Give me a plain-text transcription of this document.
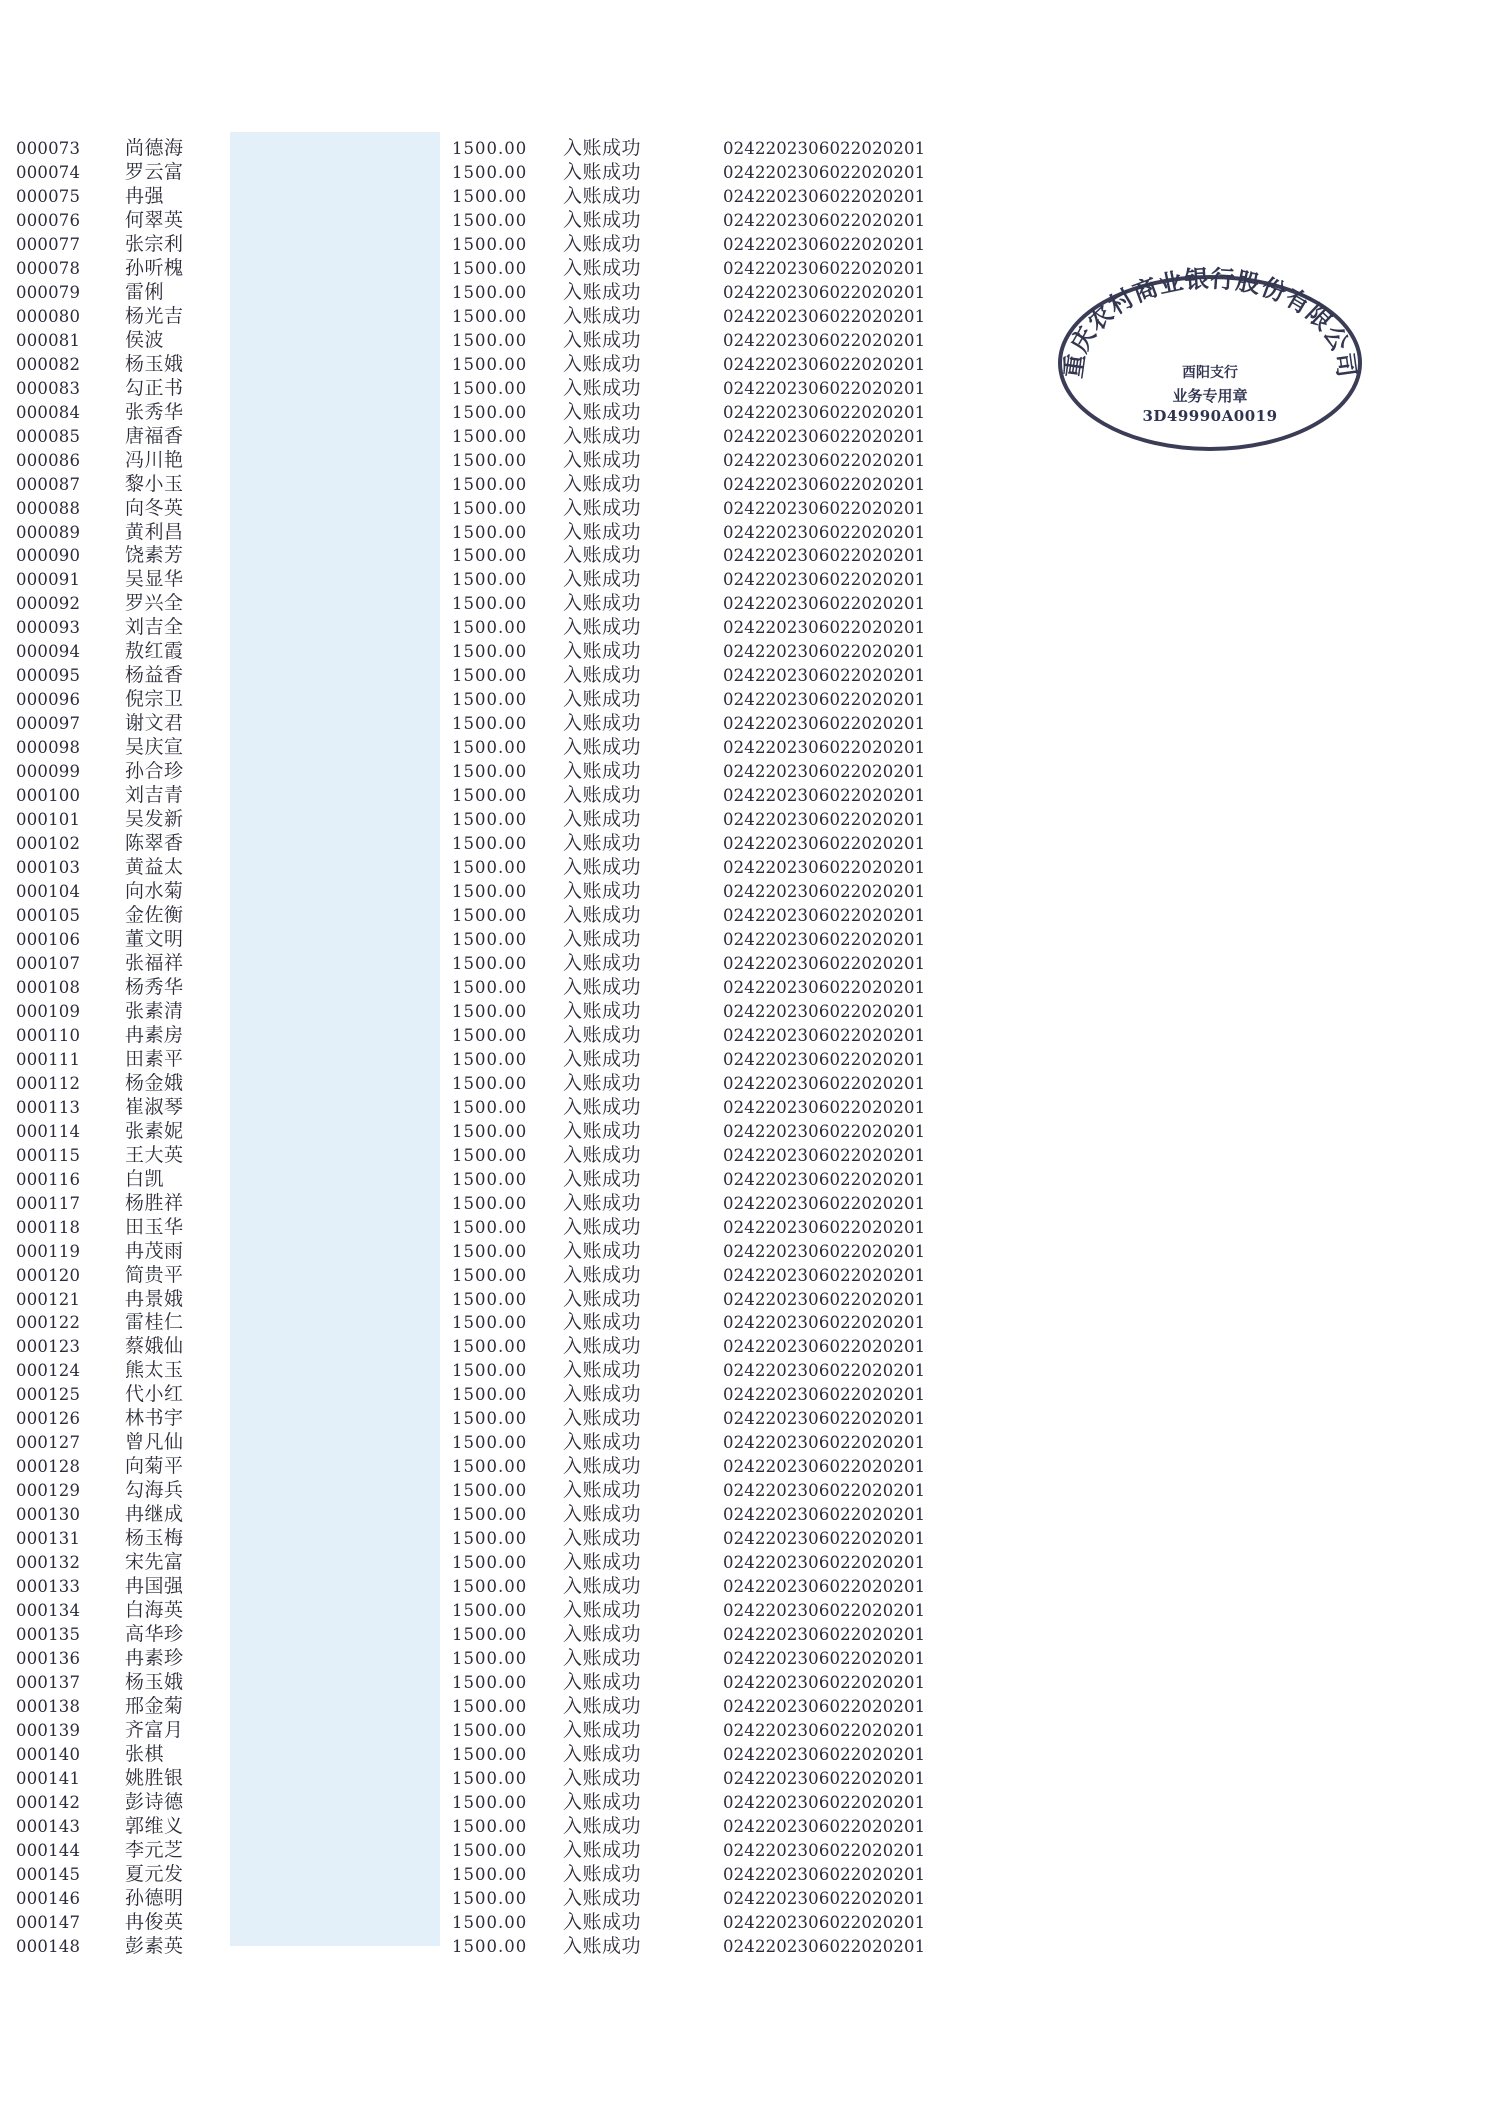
000073 尚德海	1500.00 入账成功	0242202306022020201
000074 罗云富	1500.00 入账成功	0242202306022020201
000075 冉强	1500.00 入账成功	0242202306022020201
000076 何翠英	1500.00 入账成功	0242202306022020201
000077 张宗利	1500.00 入账成功	0242202306022020201
000078 孙听槐	1500.00 入账成功	0242202306022020201
000079 雷俐	1500.00 入账成功	0242202306022020201
000080 杨光吉	1500.00 入账成功	0242202306022020201
000081 侯波	1500.00 入账成功	0242202306022020201
000082 杨玉娥	1500.00 入账成功	0242202306022020201
000083 勾正书	1500.00 入账成功	0242202306022020201
000084 张秀华	1500.00 入账成功	0242202306022020201
000085 唐福香	1500.00 入账成功	0242202306022020201
000086 冯川艳	1500.00 入账成功	0242202306022020201
000087 黎小玉	1500.00 入账成功	0242202306022020201
000088 向冬英	1500.00 入账成功	0242202306022020201
000089 黄利昌	1500.00 入账成功	0242202306022020201
000090 饶素芳	1500.00 入账成功	0242202306022020201
000091 吴显华	1500.00 入账成功	0242202306022020201
000092 罗兴全	1500.00 入账成功	0242202306022020201
000093 刘吉全	1500.00 入账成功	0242202306022020201
000094 敖红霞	1500.00 入账成功	0242202306022020201
000095 杨益香	1500.00 入账成功	0242202306022020201
000096 倪宗卫	1500.00 入账成功	0242202306022020201
000097 谢文君	1500.00 入账成功	0242202306022020201
000098 吴庆宣	1500.00 入账成功	0242202306022020201
000099 孙合珍	1500.00 入账成功	0242202306022020201
000100 刘吉青	1500.00 入账成功	0242202306022020201
000101 吴发新	1500.00 入账成功	0242202306022020201
000102 陈翠香	1500.00 入账成功	0242202306022020201
000103 黄益太	1500.00 入账成功	0242202306022020201
000104 向水菊	1500.00 入账成功	0242202306022020201
000105 金佐衡	1500.00 入账成功	0242202306022020201
000106 董文明	1500.00 入账成功	0242202306022020201
000107 张福祥	1500.00 入账成功	0242202306022020201
000108 杨秀华	1500.00 入账成功	0242202306022020201
000109 张素清	1500.00 入账成功	0242202306022020201
000110 冉素房	1500.00 入账成功	0242202306022020201
000111 田素平	1500.00 入账成功	0242202306022020201
000112 杨金娥	1500.00 入账成功	0242202306022020201
000113 崔淑琴	1500.00 入账成功	0242202306022020201
000114 张素妮	1500.00 入账成功	0242202306022020201
000115 王大英	1500.00 入账成功	0242202306022020201
000116 白凯	1500.00 入账成功	0242202306022020201
000117 杨胜祥	1500.00 入账成功	0242202306022020201
000118 田玉华	1500.00 入账成功	0242202306022020201
000119 冉茂雨	1500.00 入账成功	0242202306022020201
000120 简贵平	1500.00 入账成功	0242202306022020201
000121 冉景娥	1500.00 入账成功	0242202306022020201
000122 雷桂仁	1500.00 入账成功	0242202306022020201
000123 蔡娥仙	1500.00 入账成功	0242202306022020201
000124 熊太玉	1500.00 入账成功	0242202306022020201
000125 代小红	1500.00 入账成功	0242202306022020201
000126 林书宇	1500.00 入账成功	0242202306022020201
000127 曾凡仙	1500.00 入账成功	0242202306022020201
000128 向菊平	1500.00 入账成功	0242202306022020201
000129 勾海兵	1500.00 入账成功	0242202306022020201
000130 冉继成	1500.00 入账成功	0242202306022020201
000131 杨玉梅	1500.00 入账成功	0242202306022020201
000132 宋先富	1500.00 入账成功	0242202306022020201
000133 冉国强	1500.00 入账成功	0242202306022020201
000134 白海英	1500.00 入账成功	0242202306022020201
000135 高华珍	1500.00 入账成功	0242202306022020201
000136 冉素珍	1500.00 入账成功	0242202306022020201
000137 杨玉娥	1500.00 入账成功	0242202306022020201
000138 邢金菊	1500.00 入账成功	0242202306022020201
000139 齐富月	1500.00 入账成功	0242202306022020201
000140 张棋	1500.00 入账成功	0242202306022020201
000141 姚胜银	1500.00 入账成功	0242202306022020201
000142 彭诗德	1500.00 入账成功	0242202306022020201
000143 郭维义	1500.00 入账成功	0242202306022020201
000144 李元芝	1500.00 入账成功	0242202306022020201
000145 夏元发	1500.00 入账成功	0242202306022020201
000146 孙德明	1500.00 入账成功	0242202306022020201
000147 冉俊英	1500.00 入账成功	0242202306022020201
000148 彭素英	1500.00 入账成功	0242202306022020201
重庆农村商业银行股份有限公司
酉阳支行
业务专用章
3D49990A0019
